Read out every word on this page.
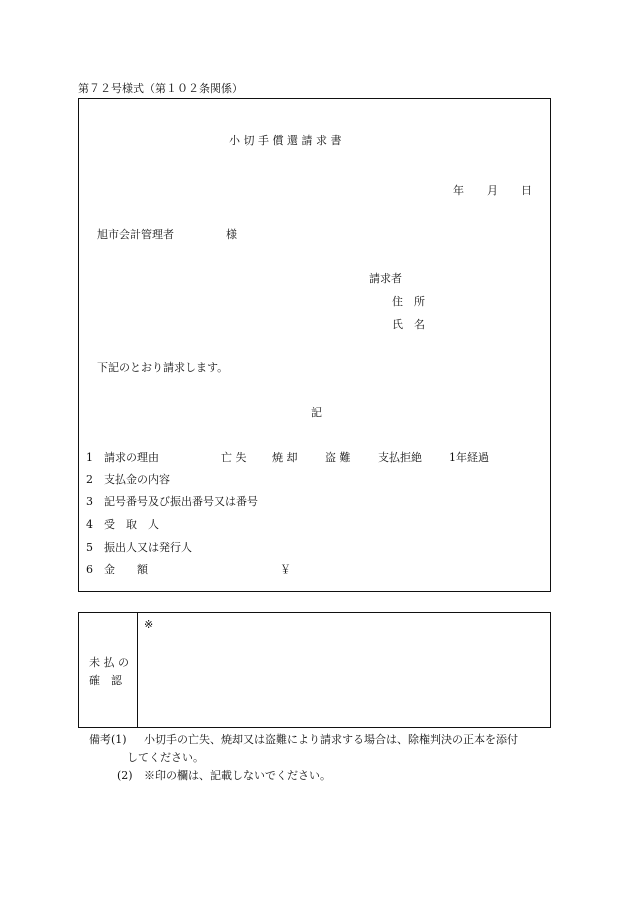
第７２号様式（第１０２条関係）
小 切 手 償 還 請 求 書
年 月 日
旭市会計管理者	様
請求者
住　所
氏　名
下記のとおり請求します。
記
1 請求の理由	亡 失 焼 却	盗 難	支払拒絶 1年経過
2 支払金の内容
3 記号番号及び振出番号又は番号
4 受　取　人
5 振出人又は発行人
6 金　　額	￥
未 払 の
確　認
※
備考(1) 小切手の亡失、焼却又は盗難により請求する場合は、除権判決の正本を添付
してください。
(2) ※印の欄は、記載しないでください。
